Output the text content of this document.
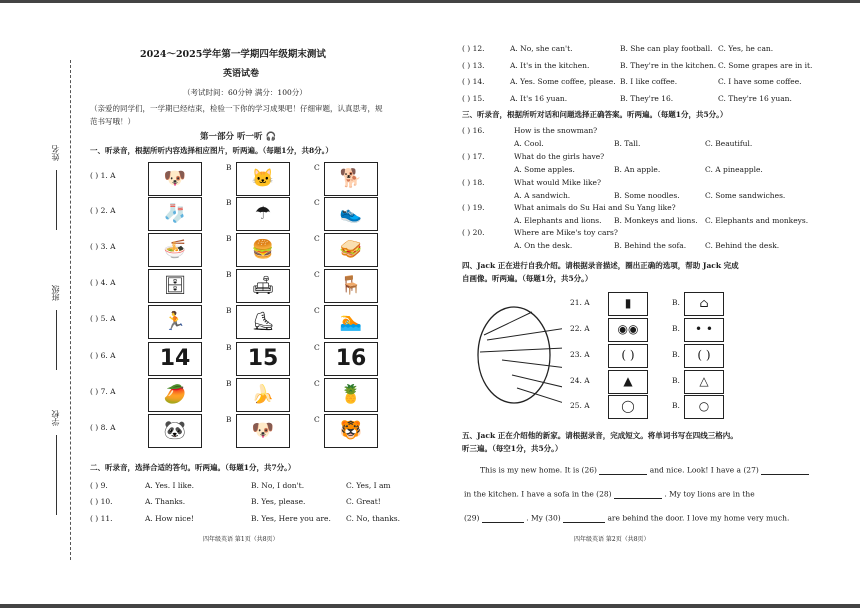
姓名
班级
学校
2024～2025学年第一学期四年级期末测试
英语试卷
（考试时间：60分钟 满分：100分）
（亲爱的同学们，一学期已经结束，检验一下你的学习成果吧！仔细审题，认真思考，规
范书写哦！）
第一部分 听一听 🎧
一、听录音，根据所听内容选择相应图片，听两遍。（每题1分，共8分。）
( ) 1. A
B	C
🐶	🐱	🐕
( ) 2. A
B	C
🧦	☂	👟
( ) 3. A
B	C
🍜	🍔	🥪
( ) 4. A
B	C
🗄	🛋	🪑
( ) 5. A
B	C
🏃	⛸	🏊
( ) 6. A
B	C
14	15	16
( ) 7. A
B	C
🥭	🍌	🍍
( ) 8. A
B	C
🐼	🐶	🐯
二、听录音，选择合适的答句。听两遍。（每题1分，共7分。）
( ) 9.	A. Yes. I like.	B. No, I don't.	C. Yes, I am
( ) 10.	A. Thanks.	B. Yes, please.	C. Great!
( ) 11.	A. How nice!	B. Yes, Here you are. C. No, thanks.
四年级英语 第1页（共8页）
( ) 12.	A. No, she can't.	B. She can play football. C. Yes, he can.
( ) 13.	A. It's in the kitchen.	B. They're in the kitchen. C. Some grapes are in it.
( ) 14.	A. Yes. Some coffee, please. B. I like coffee.	C. I have some coffee.
( ) 15.	A. It's 16 yuan.	B. They're 16.	C. They're 16 yuan.
三、听录音，根据所听对话和问题选择正确答案。听两遍。（每题1分，共5分。）
( ) 16.	How is the snowman?
A. Cool.	B. Tall.	C. Beautiful.
( ) 17.	What do the girls have?
A. Some apples.	B. An apple.	C. A pineapple.
( ) 18.	What would Mike like?
A. A sandwich.	B. Some noodles.	C. Some sandwiches.
( ) 19.	What animals do Su Hai and Su Yang like?
A. Elephants and lions. B. Monkeys and lions. C. Elephants and monkeys.
( ) 20.	Where are Mike's toy cars?
A. On the desk.	B. Behind the sofa.	C. Behind the desk.
四、Jack 正在进行自我介绍。请根据录音描述，圈出正确的选项，帮助 Jack 完成
自画像。听两遍。（每题1分，共5分。）
21. A	▮	B.	⌂
22. A	◉◉	B.	• •
23. A	( )	B.	( )
24. A	▲	B.	△
25. A	◯	B.	○
五、Jack 正在介绍他的新家。请根据录音，完成短文。将单词书写在四线三格内。
听三遍。（每空1分，共5分。）
This is my new home. It is (26)	and nice. Look! I have a (27)
in the kitchen. I have a sofa in the (28)	. My toy lions are in the
(29)	. My (30)	are behind the door. I love my home very much.
四年级英语 第2页（共8页）
